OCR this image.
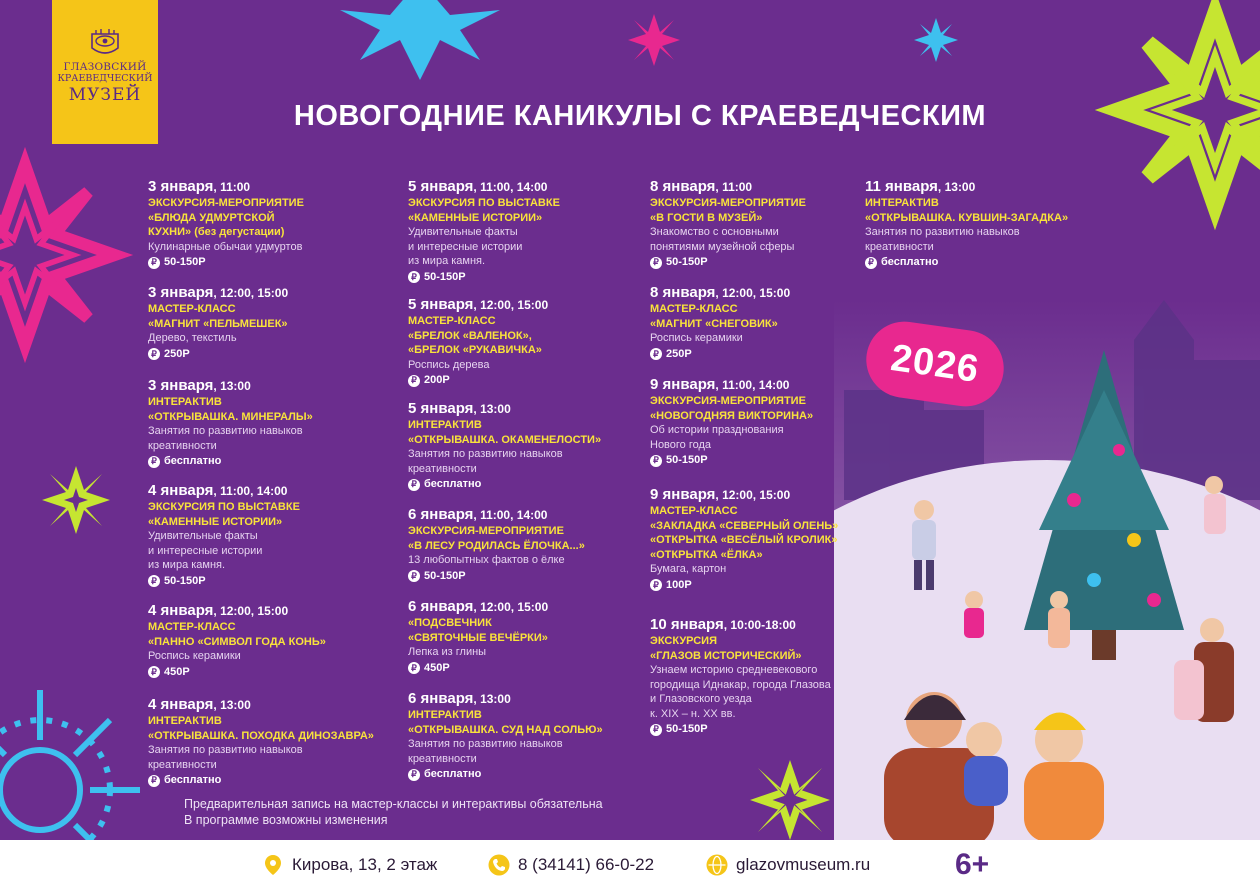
2026
ГЛАЗОВСКИЙ
КРАЕВЕДЧЕСКИЙ
МУЗЕЙ
НОВОГОДНИЕ КАНИКУЛЫ С КРАЕВЕДЧЕСКИМ
3 января, 11:00
ЭКСКУРСИЯ-МЕРОПРИЯТИЕ
«БЛЮДА УДМУРТСКОЙ
КУХНИ» (без дегустации)
Кулинарные обычаи удмуртов
₽ 50-150Р
3 января, 12:00, 15:00
МАСТЕР-КЛАСС
«МАГНИТ «ПЕЛЬМЕШЕК»
Дерево, текстиль
₽ 250Р
3 января, 13:00
ИНТЕРАКТИВ
«ОТКРЫВАШКА. МИНЕРАЛЫ»
Занятия по развитию навыков
креативности
₽ бесплатно
4 января, 11:00, 14:00
ЭКСКУРСИЯ ПО ВЫСТАВКЕ
«КАМЕННЫЕ ИСТОРИИ»
Удивительные факты
и интересные истории
из мира камня.
₽ 50-150Р
4 января, 12:00, 15:00
МАСТЕР-КЛАСС
«ПАННО «СИМВОЛ ГОДА КОНЬ»
Роспись керамики
₽ 450Р
4 января, 13:00
ИНТЕРАКТИВ
«ОТКРЫВАШКА. ПОХОДКА ДИНОЗАВРА»
Занятия по развитию навыков
креативности
₽ бесплатно
5 января, 11:00, 14:00
ЭКСКУРСИЯ ПО ВЫСТАВКЕ
«КАМЕННЫЕ ИСТОРИИ»
Удивительные факты
и интересные истории
из мира камня.
₽ 50-150Р
5 января, 12:00, 15:00
МАСТЕР-КЛАСС
«БРЕЛОК «ВАЛЕНОК»,
«БРЕЛОК «РУКАВИЧКА»
Роспись дерева
₽ 200Р
5 января, 13:00
ИНТЕРАКТИВ
«ОТКРЫВАШКА. ОКАМЕНЕЛОСТИ»
Занятия по развитию навыков
креативности
₽ бесплатно
6 января, 11:00, 14:00
ЭКСКУРСИЯ-МЕРОПРИЯТИЕ
«В ЛЕСУ РОДИЛАСЬ ЁЛОЧКА...»
13 любопытных фактов о ёлке
₽ 50-150Р
6 января, 12:00, 15:00
«ПОДСВЕЧНИК
«СВЯТОЧНЫЕ ВЕЧЁРКИ»
Лепка из глины
₽ 450Р
6 января, 13:00
ИНТЕРАКТИВ
«ОТКРЫВАШКА. СУД НАД СОЛЬЮ»
Занятия по развитию навыков
креативности
₽ бесплатно
8 января, 11:00
ЭКСКУРСИЯ-МЕРОПРИЯТИЕ
«В ГОСТИ В МУЗЕЙ»
Знакомство с основными
понятиями музейной сферы
₽ 50-150Р
8 января, 12:00, 15:00
МАСТЕР-КЛАСС
«МАГНИТ «СНЕГОВИК»
Роспись керамики
₽ 250Р
9 января, 11:00, 14:00
ЭКСКУРСИЯ-МЕРОПРИЯТИЕ
«НОВОГОДНЯЯ ВИКТОРИНА»
Об истории празднования
Нового года
₽ 50-150Р
9 января, 12:00, 15:00
МАСТЕР-КЛАСС
«ЗАКЛАДКА «СЕВЕРНЫЙ ОЛЕНЬ»
«ОТКРЫТКА «ВЕСЁЛЫЙ КРОЛИК»
«ОТКРЫТКА «ЁЛКА»
Бумага, картон
₽ 100Р
10 января, 10:00-18:00
ЭКСКУРСИЯ
«ГЛАЗОВ ИСТОРИЧЕСКИЙ»
Узнаем историю средневекового
городища Иднакар, города Глазова
и Глазовского уезда
к. XIX – н. XX вв.
₽ 50-150Р
11 января, 13:00
ИНТЕРАКТИВ
«ОТКРЫВАШКА. КУВШИН-ЗАГАДКА»
Занятия по развитию навыков
креативности
₽ бесплатно
Предварительная запись на мастер-классы и интерактивы обязательна
В программе возможны изменения
Кирова, 13, 2 этаж	8 (34141) 66-0-22	glazovmuseum.ru	6+
